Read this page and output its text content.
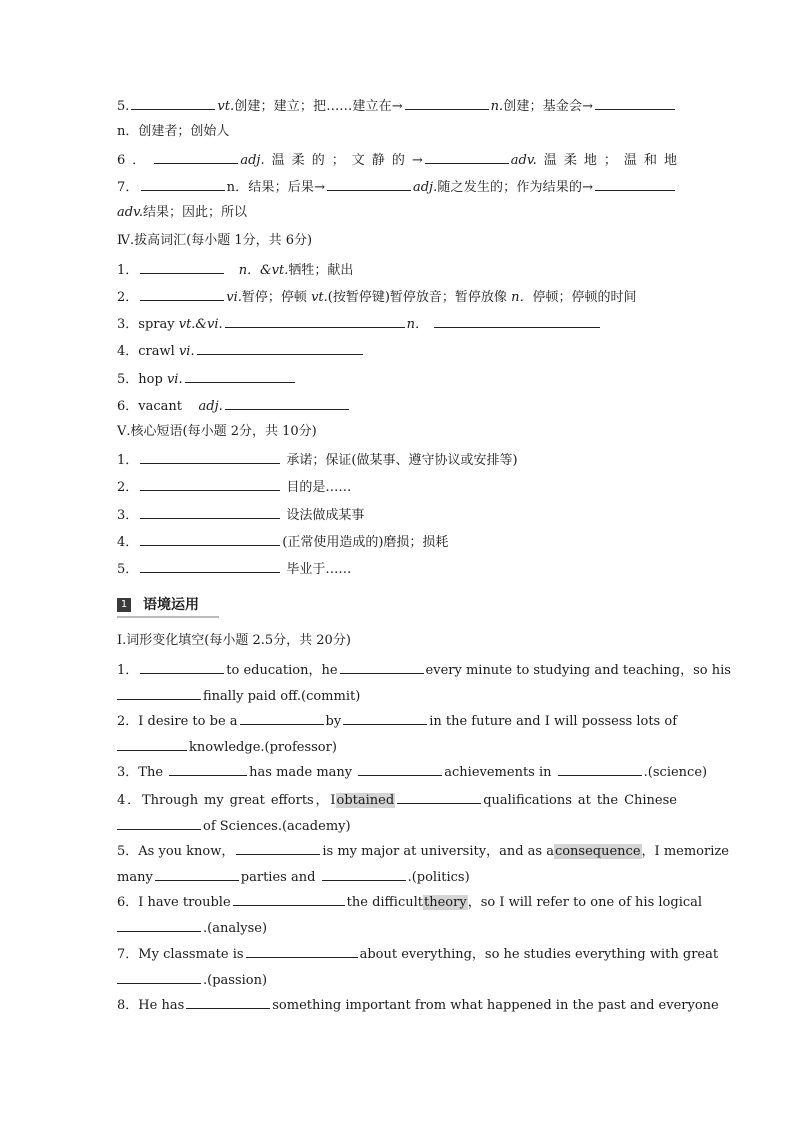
5.	vt.创建；建立；把……建立在→	n.创建；基金会→
n．创建者；创始人
6．	adj.温柔的；文静的→	adv.温柔地；温和地
7．	n．结果；后果→	adj.随之发生的；作为结果的→
adv.结果；因此；所以
Ⅳ.拔高词汇(每小题 1分，共 6分)
1．	n．&vt.牺牲；献出
2．	vi.暂停；停顿 vt.(按暂停键)暂停放音；暂停放像 n．停顿；停顿的时间
3．spray vt.&vi.	n．
4．crawl vi.
5．hop vi.
6．vacant adj.
Ⅴ.核心短语(每小题 2分，共 10分)
1．	承诺；保证(做某事、遵守协议或安排等)
2．	目的是……
3．	设法做成某事
4．	(正常使用造成的)磨损；损耗
5．	毕业于……
1 语境运用
Ⅰ.词形变化填空(每小题 2.5分，共 20分)
1．	to education，he	every minute to studying and teaching，so his
finally paid off.(commit)
2．I desire to be a	by	in the future and I will possess lots of
knowledge.(professor)
3．The	has made many	achievements in	.(science)
4．Through my great efforts，Iobtained	qualifications at the Chinese
of Sciences.(academy)
5．As you know，	is my major at university，and as aconsequence，I memorize
many	parties and	.(politics)
6．I have trouble	the difficulttheory，so I will refer to one of his logical
.(analyse)
7．My classmate is	about everything，so he studies everything with great
.(passion)
8．He has	something important from what happened in the past and everyone
